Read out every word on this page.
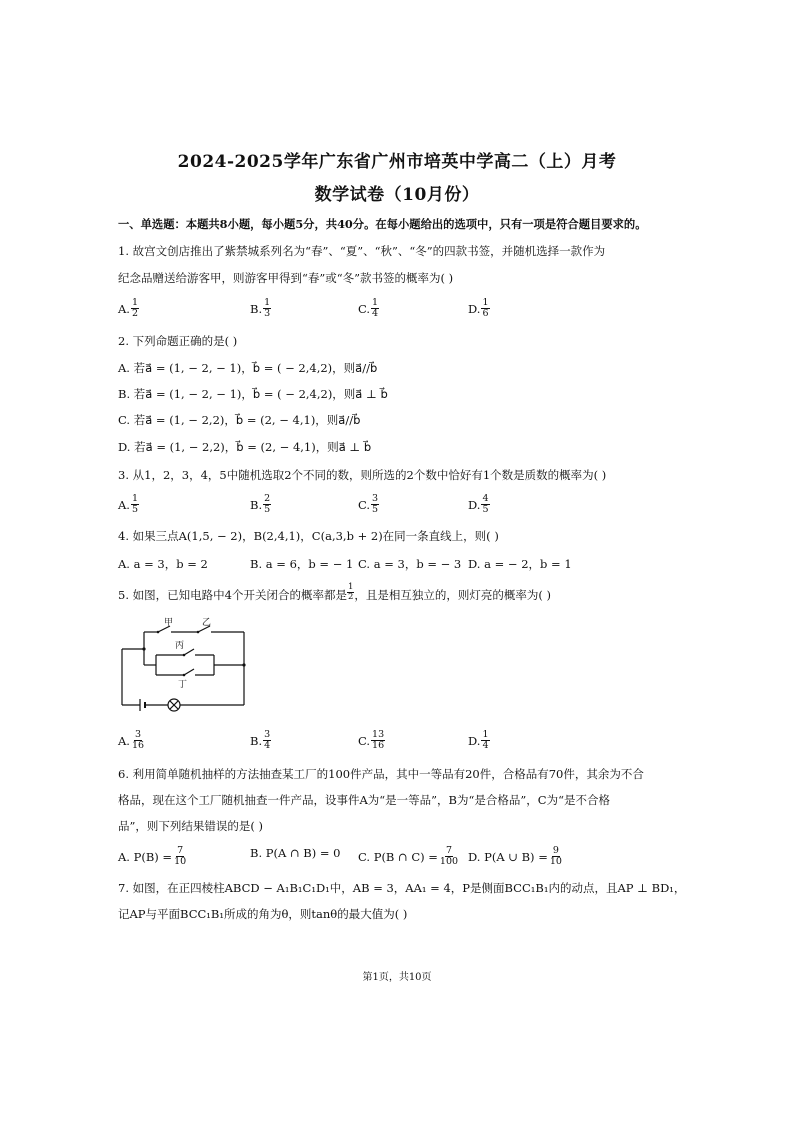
2024-2025学年广东省广州市培英中学高二（上）月考
数学试卷（10月份）
一、单选题：本题共8小题，每小题5分，共40分。在每小题给出的选项中，只有一项是符合题目要求的。
1. 故宫文创店推出了紫禁城系列名为“春”、“夏”、“秋”、“冬”的四款书签，并随机选择一款作为
纪念品赠送给游客甲，则游客甲得到“春”或“冬”款书签的概率为( )
A. $\frac{1}{2}$	B. $\frac{1}{3}$	C. $\frac{1}{4}$	D. $\frac{1}{6}$
2. 下列命题正确的是( )
A. 若a⃗ = (1, − 2, − 1)，b⃗ = ( − 2,4,2)，则a⃗//b⃗
B. 若a⃗ = (1, − 2, − 1)，b⃗ = ( − 2,4,2)，则a⃗ ⊥ b⃗
C. 若a⃗ = (1, − 2,2)，b⃗ = (2, − 4,1)，则a⃗//b⃗
D. 若a⃗ = (1, − 2,2)，b⃗ = (2, − 4,1)，则a⃗ ⊥ b⃗
3. 从1，2，3，4，5中随机选取2个不同的数，则所选的2个数中恰好有1个数是质数的概率为( )
A. $\frac{1}{5}$	B. $\frac{2}{5}$	C. $\frac{3}{5}$	D. $\frac{4}{5}$
4. 如果三点A(1,5, − 2)，B(2,4,1)，C(a,3,b + 2)在同一条直线上，则( )
A. a = 3，b = 2	B. a = 6，b = − 1 C. a = 3，b = − 3 D. a = − 2，b = 1
5. 如图，已知电路中4个开关闭合的概率都是 $\frac{1}{2}$ ，且是相互独立的，则灯亮的概率为( )
甲	乙
丙
丁
A. $\frac{3}{16}$	B. $\frac{3}{4}$	C. $\frac{13}{16}$	D. $\frac{1}{4}$
6. 利用简单随机抽样的方法抽查某工厂的100件产品，其中一等品有20件，合格品有70件，其余为不合
格品，现在这个工厂随机抽查一件产品，设事件A为“是一等品”，B为“是合格品”，C为“是不合格
品”，则下列结果错误的是( )
A. $P(B) = \frac{7}{10}$	B. P(A ∩ B) = 0 C. P(B ∩ $C) = \frac{7}{100} D$. P(A ∪ $B) = \frac{9}{10}$
7. 如图，在正四棱柱ABCD − A₁B₁C₁D₁中，AB = 3，AA₁ = 4，P是侧面BCC₁B₁内的动点，且AP ⊥ BD₁，
记AP与平面BCC₁B₁所成的角为θ，则tanθ的最大值为( )
第1页，共10页
